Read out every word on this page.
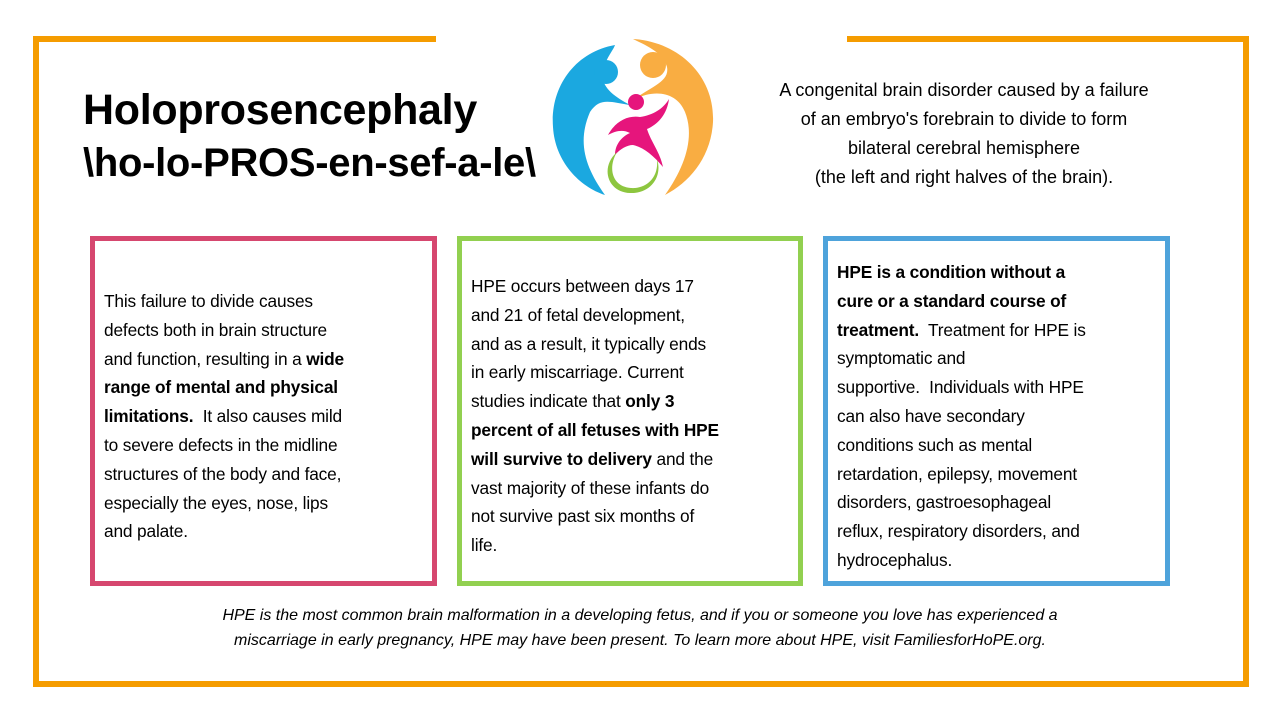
Holoprosencephaly
\ho-lo-PROS-en-sef-a-le\
A congenital brain disorder caused by a failure
of an embryo's forebrain to divide to form
bilateral cerebral hemisphere
(the left and right halves of the brain).
This failure to divide causes
defects both in brain structure
and function, resulting in a wide
range of mental and physical
limitations.  It also causes mild
to severe defects in the midline
structures of the body and face,
especially the eyes, nose, lips
and palate.
HPE occurs between days 17
and 21 of fetal development,
and as a result, it typically ends
in early miscarriage. Current
studies indicate that only 3
percent of all fetuses with HPE
will survive to delivery and the
vast majority of these infants do
not survive past six months of
life.
HPE is a condition without a
cure or a standard course of
treatment.  Treatment for HPE is
symptomatic and
supportive.  Individuals with HPE
can also have secondary
conditions such as mental
retardation, epilepsy, movement
disorders, gastroesophageal
reflux, respiratory disorders, and
hydrocephalus.
HPE is the most common brain malformation in a developing fetus, and if you or someone you love has experienced a
miscarriage in early pregnancy, HPE may have been present. To learn more about HPE, visit FamiliesforHoPE.org.
